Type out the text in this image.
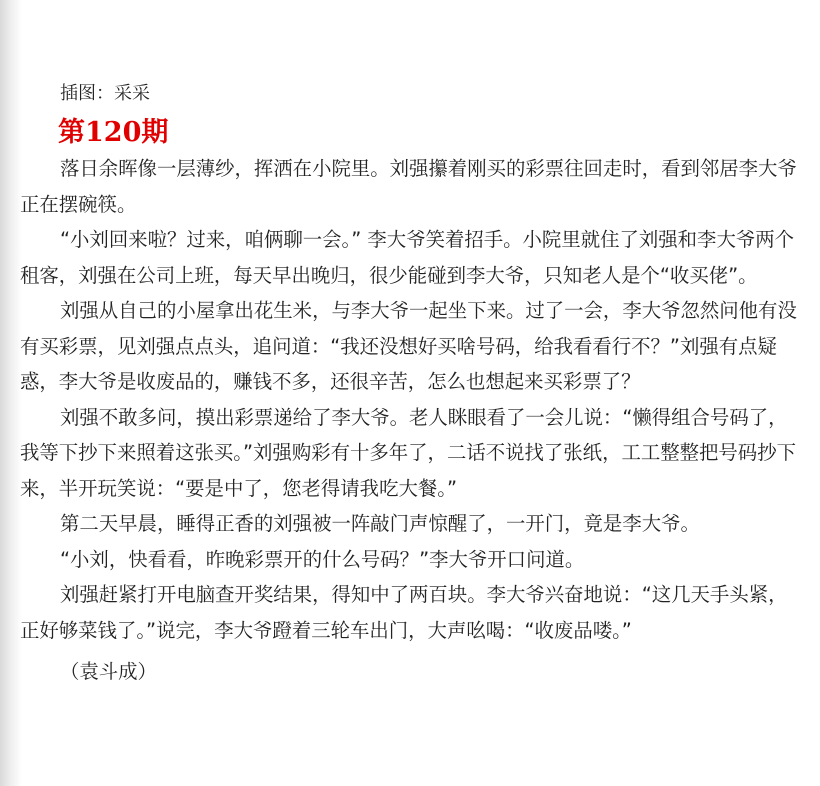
插图：采采
第120期

落日余晖像一层薄纱，挥洒在小院里。刘强攥着刚买的彩票往回走时，看到邻居李大爷正在摆碗筷。

“小刘回来啦？过来，咱俩聊一会。” 李大爷笑着招手。小院里就住了刘强和李大爷两个租客，刘强在公司上班，每天早出晚归，很少能碰到李大爷，只知老人是个“收买佬”。

刘强从自己的小屋拿出花生米，与李大爷一起坐下来。过了一会，李大爷忽然问他有没有买彩票，见刘强点点头，追问道：“我还没想好买啥号码，给我看看行不？”刘强有点疑惑，李大爷是收废品的，赚钱不多，还很辛苦，怎么也想起来买彩票了？

刘强不敢多问，摸出彩票递给了李大爷。老人眯眼看了一会儿说：“懒得组合号码了，我等下抄下来照着这张买。”刘强购彩有十多年了，二话不说找了张纸，工工整整把号码抄下来，半开玩笑说：“要是中了，您老得请我吃大餐。”

第二天早晨，睡得正香的刘强被一阵敲门声惊醒了，一开门，竟是李大爷。

“小刘，快看看，昨晚彩票开的什么号码？”李大爷开口问道。

刘强赶紧打开电脑查开奖结果，得知中了两百块。李大爷兴奋地说：“这几天手头紧，正好够菜钱了。”说完，李大爷蹬着三轮车出门，大声吆喝：“收废品喽。”

（袁斗成）
